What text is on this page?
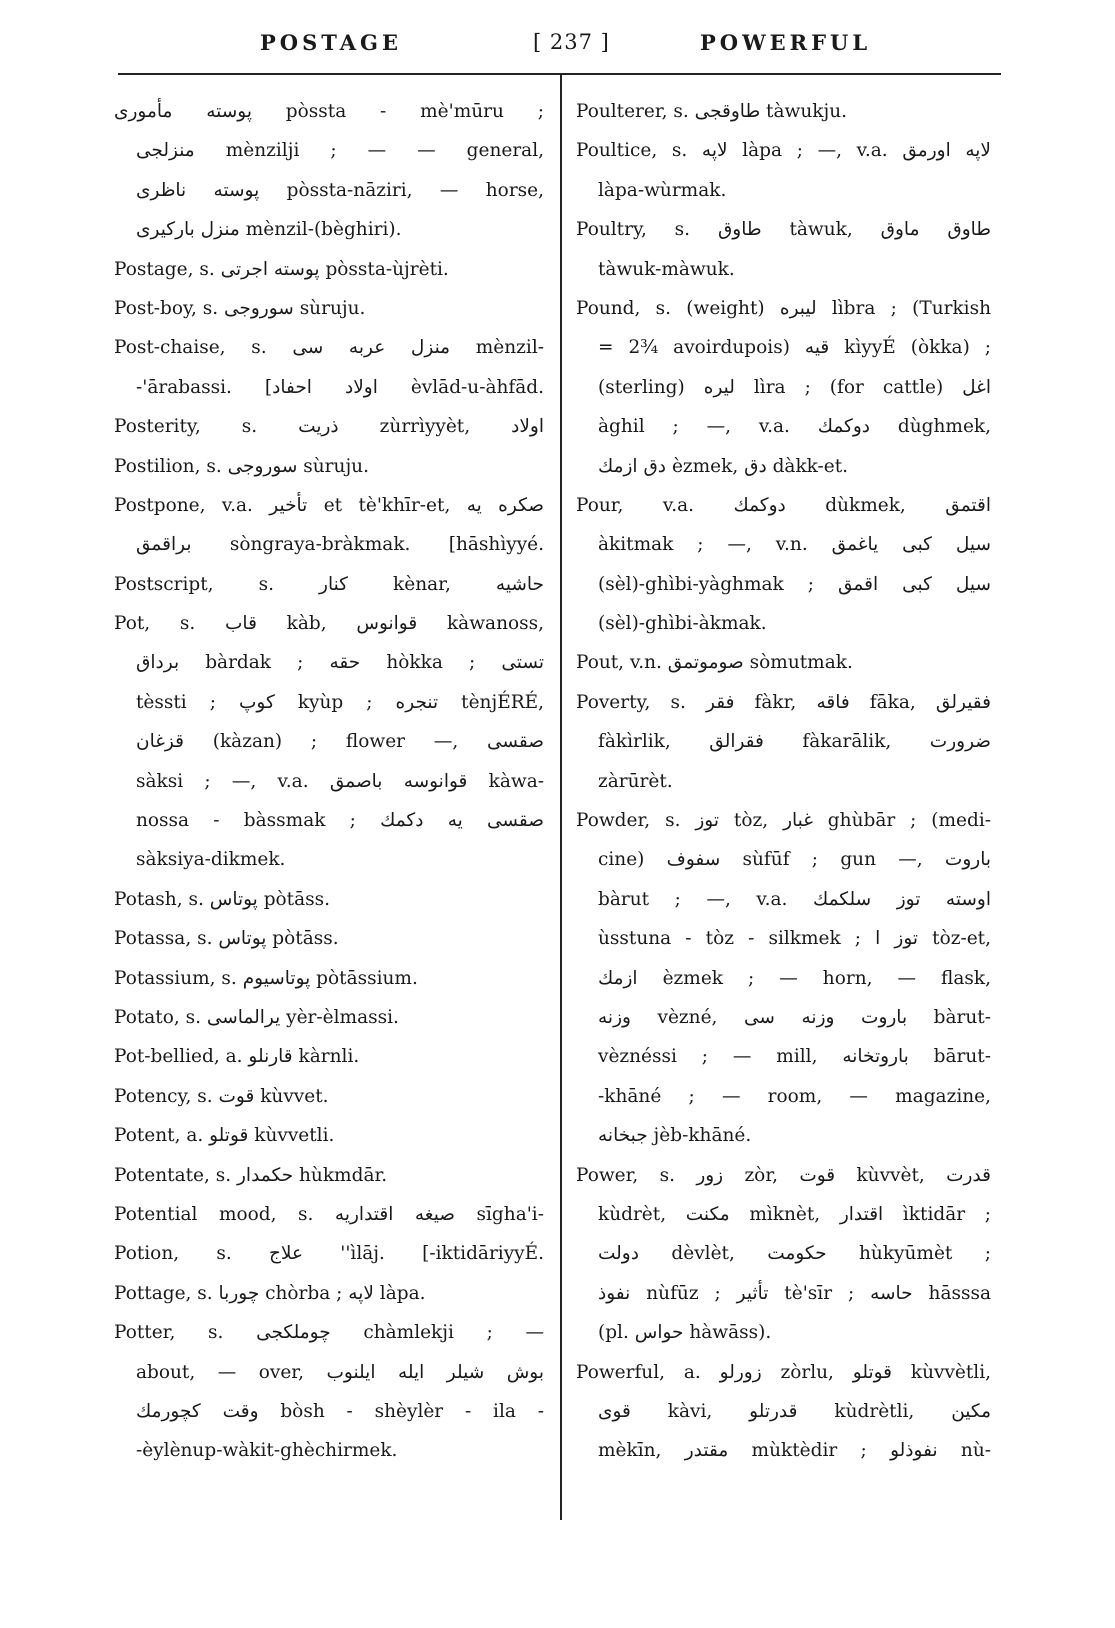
POSTAGE	[ 237 ]	POWERFUL
پوسته مأمورى pòssta - mè'mūru ;
منزلجى mènzilji ; — — general,
پوسته ناظرى pòssta-nāziri, — horse,
منزل باركيرى mènzil-(bèghiri).
Postage, s. پوسته اجرتى pòssta-ùjrèti.
Post-boy, s. سوروجى sùruju.
Post-chaise, s. منزل عربه سى mènzil-
-'ārabassi. [اولاد احفاد èvlād-u-àhfād.
Posterity, s. ذريت zùrrìyyèt, اولاد
Postilion, s. سوروجى sùruju.
Postpone, v.a. تأخير et tè'khīr-et, صكره يه
براقمق sòngraya-bràkmak. [hāshìyyé.
Postscript, s. كنار kènar, حاشيه
Pot, s. قاب kàb, قوانوس kàwanoss,
برداق bàrdak ; حقه hòkka ; تستى
tèssti ; كوپ kyùp ; تنجره tènjÉRÉ,
قزغان (kàzan) ; flower —, صقسى
sàksi ; —, v.a. قوانوسه باصمق kàwa-
nossa - bàssmak ; صقسى يه دكمك
sàksiya-dikmek.
Potash, s. پوتاس pòtāss.
Potassa, s. پوتاس pòtāss.
Potassium, s. پوتاسيوم pòtāssium.
Potato, s. يرالماسى yèr-èlmassi.
Pot-bellied, a. قارنلو kàrnli.
Potency, s. قوت kùvvet.
Potent, a. قوتلو kùvvetli.
Potentate, s. حكمدار hùkmdār.
Potential mood, s. صيغه اقتداريه sīgha'i-
Potion, s. علاج ''ìlāj. [-iktidāriyyÉ.
Pottage, s. چوربا chòrba ; لاپه làpa.
Potter, s. چوملكجى chàmlekji ; —
about, — over, بوش شيلر ايله ايلنوب
وقت كچورمك bòsh - shèylèr - ila -
-èylènup-wàkit-ghèchirmek.
Poulterer, s. طاوقجى tàwukju.
Poultice, s. لاپه làpa ; —, v.a. لاپه اورمق
làpa-wùrmak.
Poultry, s. طاوق tàwuk, طاوق ماوق
tàwuk-màwuk.
Pound, s. (weight) ليبره lìbra ; (Turkish
= 2¾ avoirdupois) قيه kìyyÉ (òkka) ;
(sterling) ليره lìra ; (for cattle) اغل
àghil ; —, v.a. دوكمك dùghmek,
دق ازمك èzmek, دق dàkk-et.
Pour, v.a. دوكمك dùkmek, اقتمق
àkitmak ; —, v.n. سيل كبى ياغمق
(sèl)-ghìbi-yàghmak ; سيل كبى اقمق
(sèl)-ghìbi-àkmak.
Pout, v.n. صوموتمق sòmutmak.
Poverty, s. فقر fàkr, فاقه fāka, فقيرلق
fàkìrlik, فقرالق fàkarālik, ضرورت
zàrūrèt.
Powder, s. توز tòz, غبار ghùbār ; (medi-
cine) سفوف sùfūf ; gun —, باروت
bàrut ; —, v.a. اوسته توز سلكمك
ùsstuna - tòz - silkmek ; توز ا tòz-et,
ازمك èzmek ; — horn, — flask,
وزنه vèzné, باروت وزنه سى bàrut-
vèznéssi ; — mill, باروتخانه bārut-
-khāné ; — room, — magazine,
جبخانه jèb-khāné.
Power, s. زور zòr, قوت kùvvèt, قدرت
kùdrèt, مكنت mìknèt, اقتدار ìktidār ;
دولت dèvlèt, حكومت hùkyūmèt ;
نفوذ nùfūz ; تأثير tè'sīr ; حاسه hāsssa
(pl. حواس hàwāss).
Powerful, a. زورلو zòrlu, قوتلو kùvvètli,
قوى kàvi, قدرتلو kùdrètli, مكين
mèkīn, مقتدر mùktèdir ; نفوذلو nù-
